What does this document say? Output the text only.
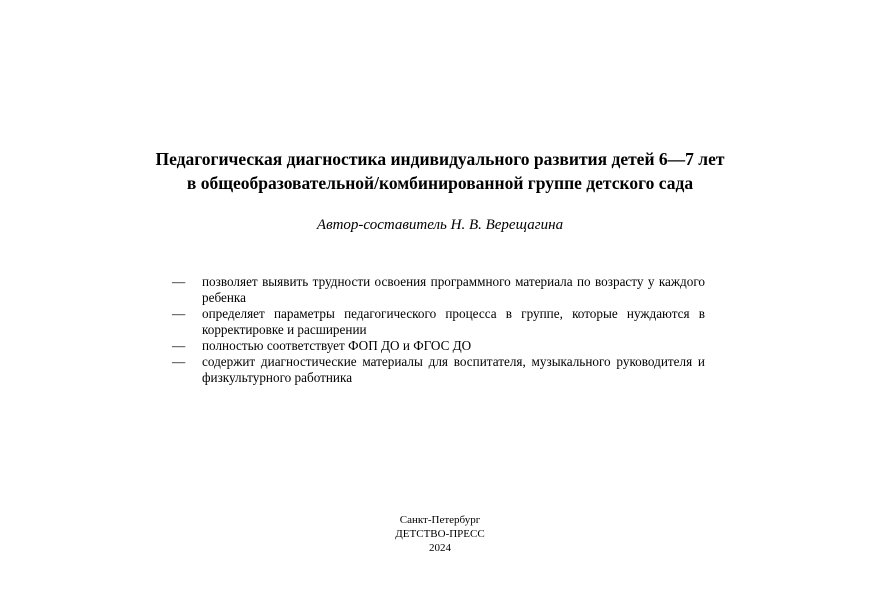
Педагогическая диагностика индивидуального развития детей 6—7 лет
в общеобразовательной/комбинированной группе детского сада
Автор-составитель Н. В. Верещагина
— позволяет выявить трудности освоения программного материала по возрасту у каждого ребенка
— определяет параметры педагогического процесса в группе, которые нуждаются в корректировке и расширении
— полностью соответствует ФОП ДО и ФГОС ДО
— содержит диагностические материалы для воспитателя, музыкального руководителя и физкультурного работника
Санкт-Петербург
ДЕТСТВО-ПРЕСС
2024
